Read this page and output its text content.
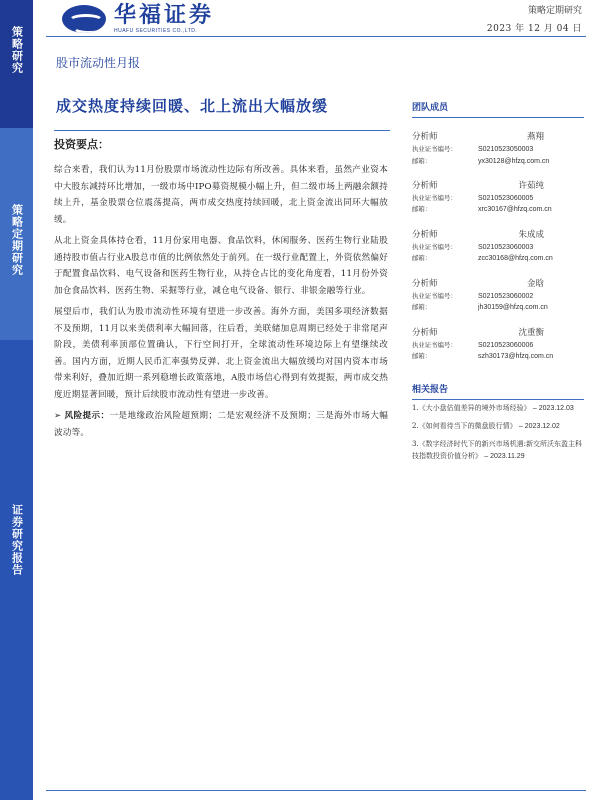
策略研究
策略定期研究
证券研究报告
华福证券
HUAFU SECURITIES CO.,LTD.
策略定期研究
2023 年 12 月 04 日
股市流动性月报
成交热度持续回暖、北上流出大幅放缓
投资要点：

综合来看，我们认为11月份股票市场流动性边际有所改善。具体来看，虽然产业资本中大股东减持环比增加，一级市场中IPO募资规模小幅上升，但二级市场上两融余额持续上升，基金股票仓位震荡提高，两市成交热度持续回暖，北上资金流出同环大幅放缓。

从北上资金具体持仓看，11月份家用电器、食品饮料，休闲服务、医药生物行业陆股通持股市值占行业A股总市值的比例依然处于前列。在一级行业配置上，外资依然偏好于配置食品饮料、电气设备和医药生物行业，从持仓占比的变化角度看，11月份外资加仓食品饮料、医药生物、采掘等行业，减仓电气设备、银行、非银金融等行业。

展望后市，我们认为股市流动性环境有望进一步改善。海外方面，美国多项经济数据不及预期，11月以来美债利率大幅回落，往后看，美联储加息周期已经处于非常尾声阶段，美债利率顶部位置确认，下行空间打开，全球流动性环境边际上有望继续改善。国内方面，近期人民币汇率强势反弹、北上资金流出大幅放缓均对国内资本市场带来利好，叠加近期一系列稳增长政策落地，A股市场信心得到有效提振，两市成交热度近期显著回暖，预计后续股市流动性有望进一步改善。

➢ 风险提示：一是地缘政治风险超预期；二是宏观经济不及预期；三是海外市场大幅波动等。

团队成员
分析师	燕翔
执业证书编号：	S0210523050003
邮箱：	yx30128@hfzq.com.cn
分析师	许茹纯
执业证书编号：	S0210523060005
邮箱：	xrc30167@hfzq.com.cn
分析师	朱成成
执业证书编号：	S0210523060003
邮箱：	zcc30168@hfzq.com.cn
分析师	金晗
执业证书编号：	S0210523060002
邮箱：	jh30159@hfzq.com.cn
分析师	沈重衡
执业证书编号：	S0210523060006
邮箱：	szh30173@hfzq.com.cn
相关报告
1.《大小盘估值差异的境外市场经验》 – 2023.12.03
2.《如何看待当下的微盘股行情》 – 2023.12.02
3.《数字经济时代下的新兴市场机遇:新交所沃东盈主科技指数投资价值分析》 – 2023.11.29
